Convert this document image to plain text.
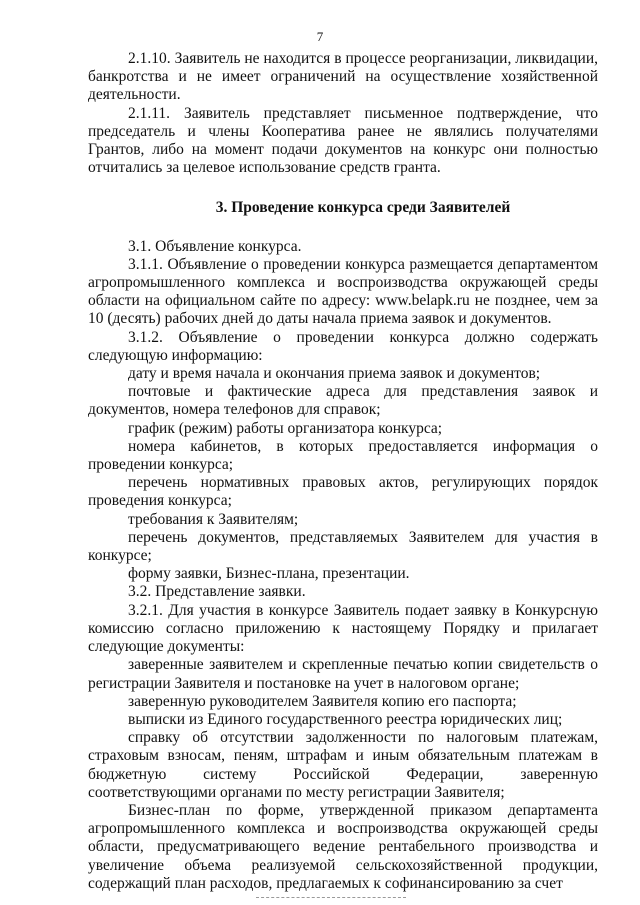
7

2.1.10. Заявитель не находится в процессе реорганизации, ликвидации, банкротства и не имеет ограничений на осуществление хозяйственной деятельности.

2.1.11. Заявитель представляет письменное подтверждение, что председатель и члены Кооператива ранее не являлись получателями Грантов, либо на момент подачи документов на конкурс они полностью отчитались за целевое использование средств гранта.

3. Проведение конкурса среди Заявителей

3.1. Объявление конкурса.

3.1.1. Объявление о проведении конкурса размещается департаментом агропромышленного комплекса и воспроизводства окружающей среды области на официальном сайте по адресу: www.belapk.ru не позднее, чем за 10 (десять) рабочих дней до даты начала приема заявок и документов.

3.1.2. Объявление о проведении конкурса должно содержать следующую информацию:

дату и время начала и окончания приема заявок и документов;

почтовые и фактические адреса для представления заявок и документов, номера телефонов для справок;

график (режим) работы организатора конкурса;

номера кабинетов, в которых предоставляется информация о проведении конкурса;

перечень нормативных правовых актов, регулирующих порядок проведения конкурса;

требования к Заявителям;

перечень документов, представляемых Заявителем для участия в конкурсе;

форму заявки, Бизнес-плана, презентации.

3.2. Представление заявки.

3.2.1. Для участия в конкурсе Заявитель подает заявку в Конкурсную комиссию согласно приложению к настоящему Порядку и прилагает следующие документы:

заверенные заявителем и скрепленные печатью копии свидетельств о регистрации Заявителя и постановке на учет в налоговом органе;

заверенную руководителем Заявителя копию его паспорта;

выписки из Единого государственного реестра юридических лиц;

справку об отсутствии задолженности по налоговым платежам, страховым взносам, пеням, штрафам и иным обязательным платежам в бюджетную систему Российской Федерации, заверенную соответствующими органами по месту регистрации Заявителя;

Бизнес-план по форме, утвержденной приказом департамента агропромышленного комплекса и воспроизводства окружающей среды области, предусматривающего ведение рентабельного производства и увеличение объема реализуемой сельскохозяйственной продукции, содержащий план расходов, предлагаемых к софинансированию за счет
